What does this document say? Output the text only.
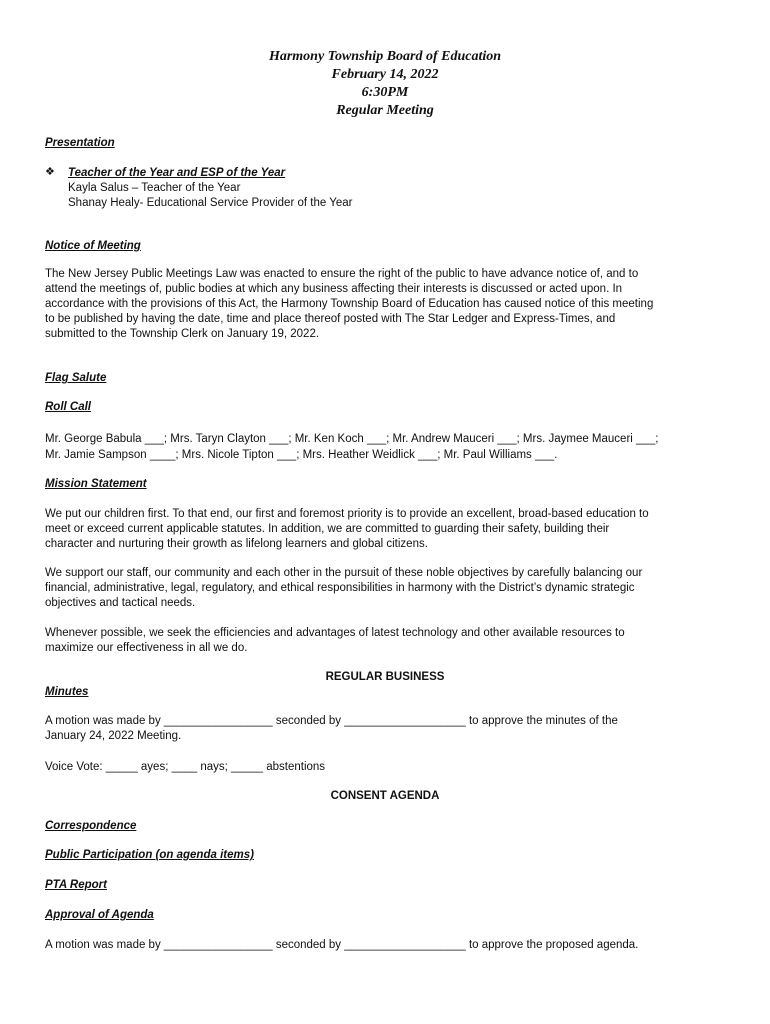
Harmony Township Board of Education
February 14, 2022
6:30PM
Regular Meeting
Presentation
❖ Teacher of the Year and ESP of the Year
Kayla Salus – Teacher of the Year
Shanay Healy- Educational Service Provider of the Year
Notice of Meeting
The New Jersey Public Meetings Law was enacted to ensure the right of the public to have advance notice of, and to
attend the meetings of, public bodies at which any business affecting their interests is discussed or acted upon. In
accordance with the provisions of this Act, the Harmony Township Board of Education has caused notice of this meeting
to be published by having the date, time and place thereof posted with The Star Ledger and Express-Times, and
submitted to the Township Clerk on January 19, 2022.
Flag Salute
Roll Call
Mr. George Babula ___; Mrs. Taryn Clayton ___; Mr. Ken Koch ___; Mr. Andrew Mauceri ___; Mrs. Jaymee Mauceri ___;
Mr. Jamie Sampson ____; Mrs. Nicole Tipton ___; Mrs. Heather Weidlick ___; Mr. Paul Williams ___.
Mission Statement
We put our children first. To that end, our first and foremost priority is to provide an excellent, broad-based education to
meet or exceed current applicable statutes. In addition, we are committed to guarding their safety, building their
character and nurturing their growth as lifelong learners and global citizens.
We support our staff, our community and each other in the pursuit of these noble objectives by carefully balancing our
financial, administrative, legal, regulatory, and ethical responsibilities in harmony with the District’s dynamic strategic
objectives and tactical needs.
Whenever possible, we seek the efficiencies and advantages of latest technology and other available resources to
maximize our effectiveness in all we do.
REGULAR BUSINESS
Minutes
A motion was made by _________________ seconded by ___________________ to approve the minutes of the
January 24, 2022 Meeting.
Voice Vote: _____ ayes; ____ nays; _____ abstentions
CONSENT AGENDA
Correspondence
Public Participation (on agenda items)
PTA Report
Approval of Agenda
A motion was made by _________________ seconded by ___________________ to approve the proposed agenda.
